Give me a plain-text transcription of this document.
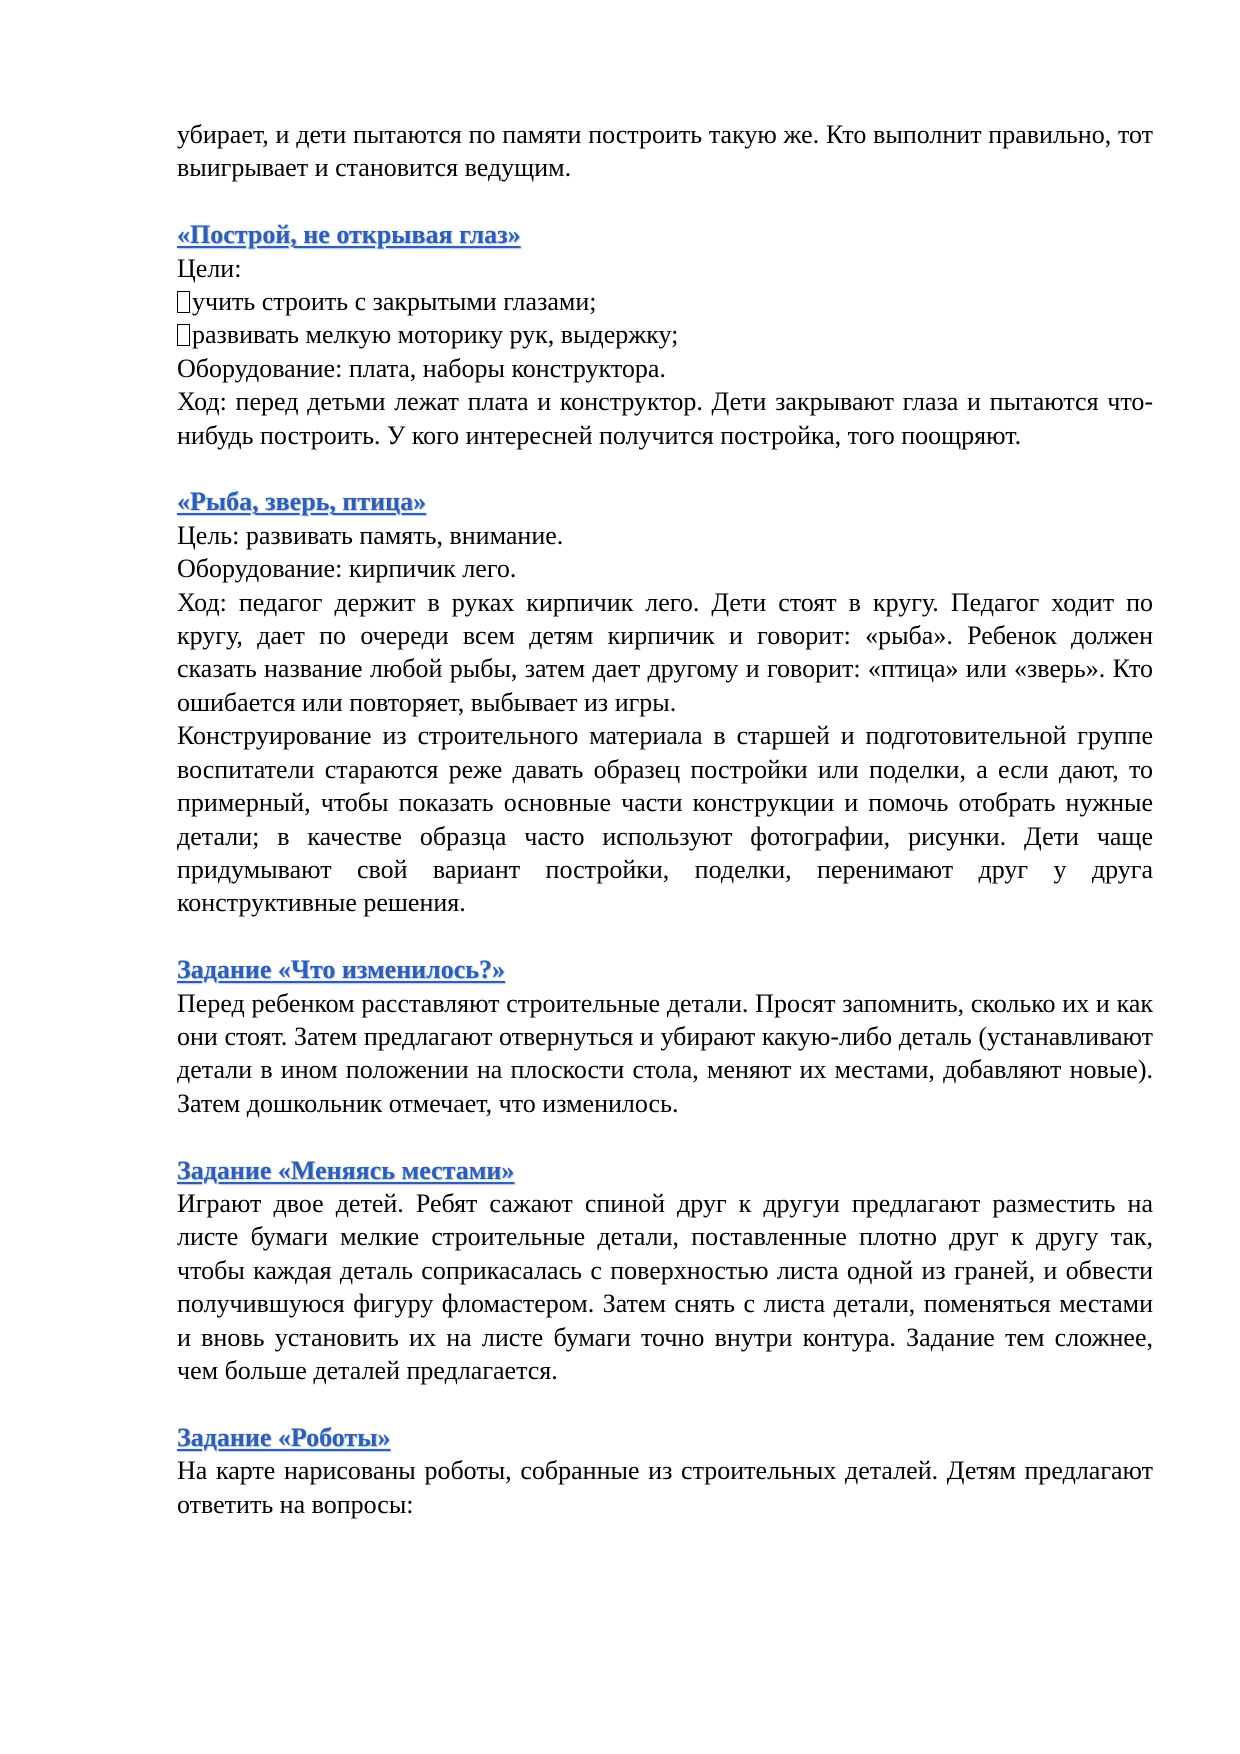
убирает, и дети пытаются по памяти построить такую же. Кто выполнит правильно, тот выигрывает и становится ведущим.

«Построй, не открывая глаз»

Цели:

учить строить с закрытыми глазами;

развивать мелкую моторику рук, выдержку;

Оборудование: плата, наборы конструктора.

Ход: перед детьми лежат плата и конструктор. Дети закрывают глаза и пытаются что-нибудь построить. У кого интересней получится постройка, того поощряют.

«Рыба, зверь, птица»

Цель: развивать память, внимание.

Оборудование: кирпичик лего.

Ход: педагог держит в руках кирпичик лего. Дети стоят в кругу. Педагог ходит по кругу, дает по очереди всем детям кирпичик и говорит: «рыба». Ребенок должен сказать название любой рыбы, затем дает другому и говорит: «птица» или «зверь». Кто ошибается или повторяет, выбывает из игры.

Конструирование из строительного материала в старшей и подготовительной группе воспитатели стараются реже давать образец постройки или поделки, а если дают, то примерный, чтобы показать основные части конструкции и помочь отобрать нужные детали; в качестве образца часто используют фотографии, рисунки. Дети чаще придумывают свой вариант постройки, поделки, перенимают друг у друга конструктивные решения.

Задание «Что изменилось?»

Перед ребенком расставляют строительные детали. Просят запомнить, сколько их и как они стоят. Затем предлагают отвернуться и убирают какую-либо деталь (устанавливают детали в ином положении на плоскости стола, меняют их местами, добавляют новые). Затем дошкольник отмечает, что изменилось.

Задание «Меняясь местами»

Играют двое детей. Ребят сажают спиной друг к другуи предлагают разместить на листе бумаги мелкие строительные детали, поставленные плотно друг к другу так, чтобы каждая деталь соприкасалась с поверхностью листа одной из граней, и обвести получившуюся фигуру фломастером. Затем снять с листа детали, поменяться местами и вновь установить их на листе бумаги точно внутри контура. Задание тем сложнее, чем больше деталей предлагается.

Задание «Роботы»

На карте нарисованы роботы, собранные из строительных деталей. Детям предлагают ответить на вопросы:
